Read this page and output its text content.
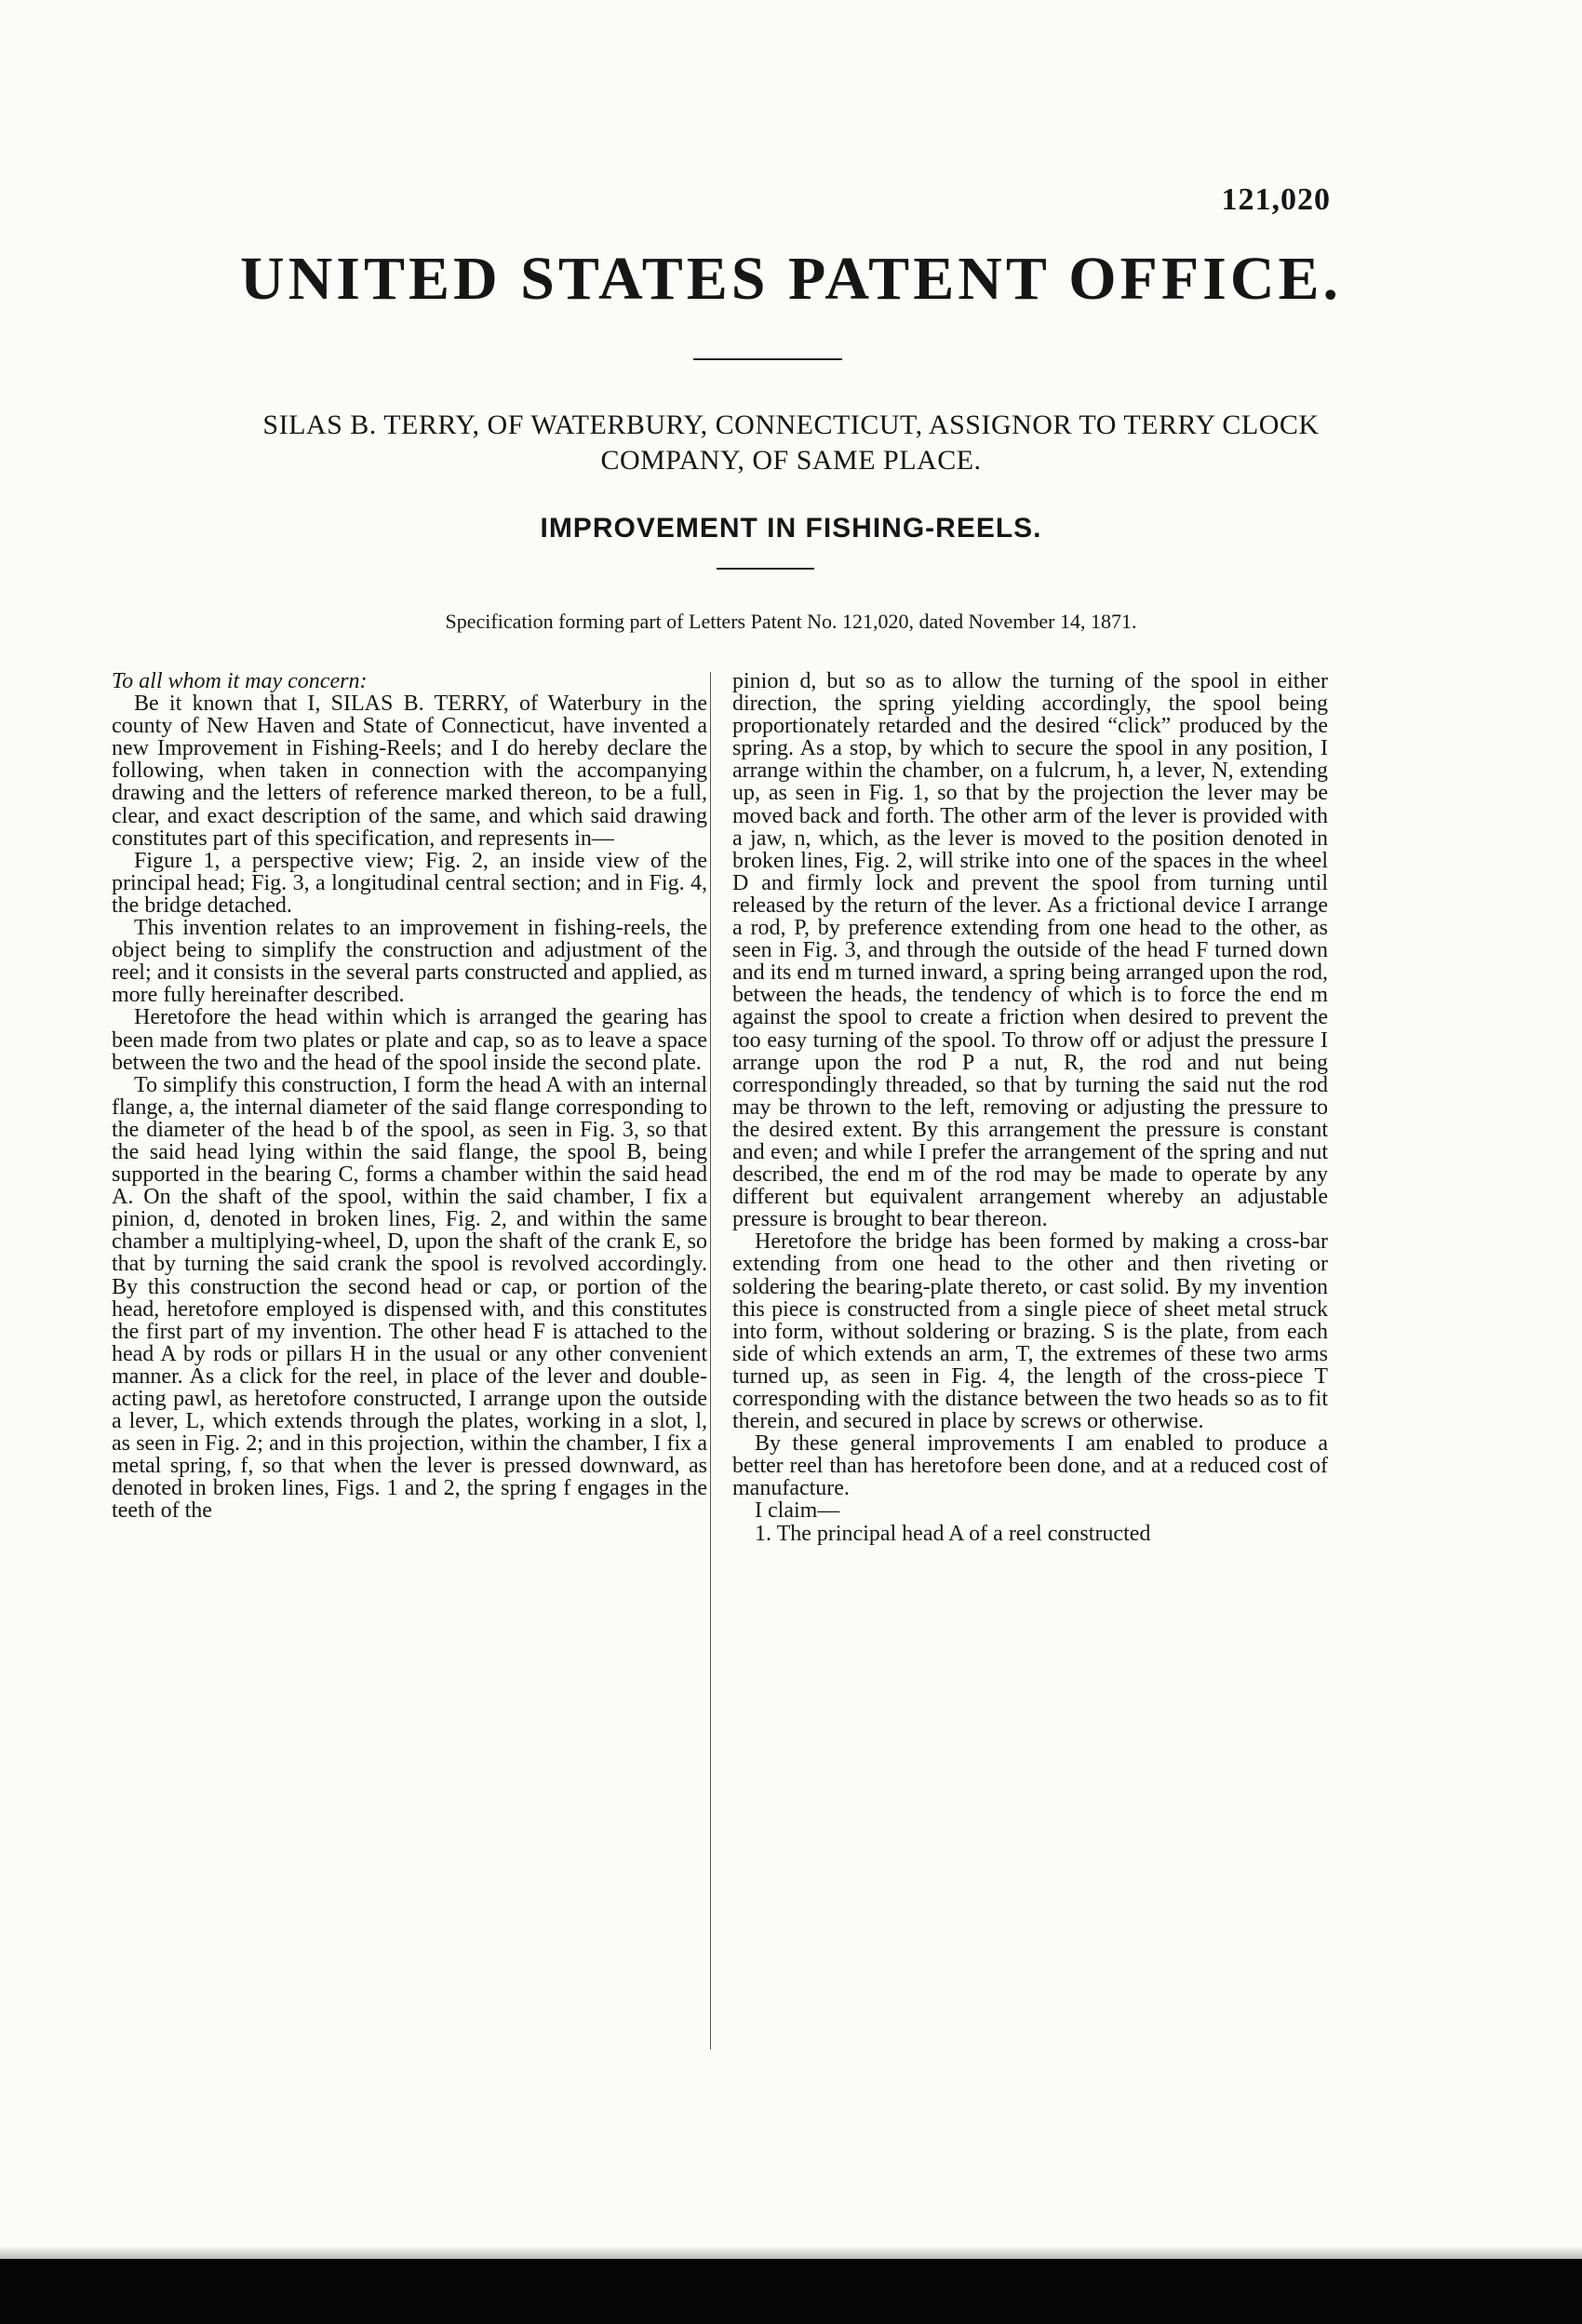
121,020
UNITED STATES PATENT OFFICE.
SILAS B. TERRY, OF WATERBURY, CONNECTICUT, ASSIGNOR TO TERRY CLOCK
COMPANY, OF SAME PLACE.
IMPROVEMENT IN FISHING-REELS.
Specification forming part of Letters Patent No. 121,020, dated November 14, 1871.

To all whom it may concern:

Be it known that I, SILAS B. TERRY, of Waterbury in the county of New Haven and State of Connecticut, have invented a new Improvement in Fishing-Reels; and I do hereby declare the following, when taken in connection with the accompanying drawing and the letters of reference marked thereon, to be a full, clear, and exact description of the same, and which said drawing constitutes part of this specification, and represents in—

Figure 1, a perspective view; Fig. 2, an inside view of the principal head; Fig. 3, a longitudinal central section; and in Fig. 4, the bridge detached.

This invention relates to an improvement in fishing-reels, the object being to simplify the construction and adjustment of the reel; and it consists in the several parts constructed and applied, as more fully hereinafter described.

Heretofore the head within which is arranged the gearing has been made from two plates or plate and cap, so as to leave a space between the two and the head of the spool inside the second plate.

To simplify this construction, I form the head A with an internal flange, a, the internal diameter of the said flange corresponding to the diameter of the head b of the spool, as seen in Fig. 3, so that the said head lying within the said flange, the spool B, being supported in the bearing C, forms a chamber within the said head A. On the shaft of the spool, within the said chamber, I fix a pinion, d, denoted in broken lines, Fig. 2, and within the same chamber a multiplying-wheel, D, upon the shaft of the crank E, so that by turning the said crank the spool is revolved accordingly. By this construction the second head or cap, or portion of the head, heretofore employed is dispensed with, and this constitutes the first part of my invention. The other head F is attached to the head A by rods or pillars H in the usual or any other convenient manner. As a click for the reel, in place of the lever and double-acting pawl, as heretofore constructed, I arrange upon the outside a lever, L, which extends through the plates, working in a slot, l, as seen in Fig. 2; and in this projection, within the chamber, I fix a metal spring, f, so that when the lever is pressed downward, as denoted in broken lines, Figs. 1 and 2, the spring f engages in the teeth of the

pinion d, but so as to allow the turning of the spool in either direction, the spring yielding accordingly, the spool being proportionately retarded and the desired “click” produced by the spring. As a stop, by which to secure the spool in any position, I arrange within the chamber, on a fulcrum, h, a lever, N, extending up, as seen in Fig. 1, so that by the projection the lever may be moved back and forth. The other arm of the lever is provided with a jaw, n, which, as the lever is moved to the position denoted in broken lines, Fig. 2, will strike into one of the spaces in the wheel D and firmly lock and prevent the spool from turning until released by the return of the lever. As a frictional device I arrange a rod, P, by preference extending from one head to the other, as seen in Fig. 3, and through the outside of the head F turned down and its end m turned inward, a spring being arranged upon the rod, between the heads, the tendency of which is to force the end m against the spool to create a friction when desired to prevent the too easy turning of the spool. To throw off or adjust the pressure I arrange upon the rod P a nut, R, the rod and nut being correspondingly threaded, so that by turning the said nut the rod may be thrown to the left, removing or adjusting the pressure to the desired extent. By this arrangement the pressure is constant and even; and while I prefer the arrangement of the spring and nut described, the end m of the rod may be made to operate by any different but equivalent arrangement whereby an adjustable pressure is brought to bear thereon.

Heretofore the bridge has been formed by making a cross-bar extending from one head to the other and then riveting or soldering the bearing-plate thereto, or cast solid. By my invention this piece is constructed from a single piece of sheet metal struck into form, without soldering or brazing. S is the plate, from each side of which extends an arm, T, the extremes of these two arms turned up, as seen in Fig. 4, the length of the cross-piece T corresponding with the distance between the two heads so as to fit therein, and secured in place by screws or otherwise.

By these general improvements I am enabled to produce a better reel than has heretofore been done, and at a reduced cost of manufacture.

I claim—

1. The principal head A of a reel constructed
